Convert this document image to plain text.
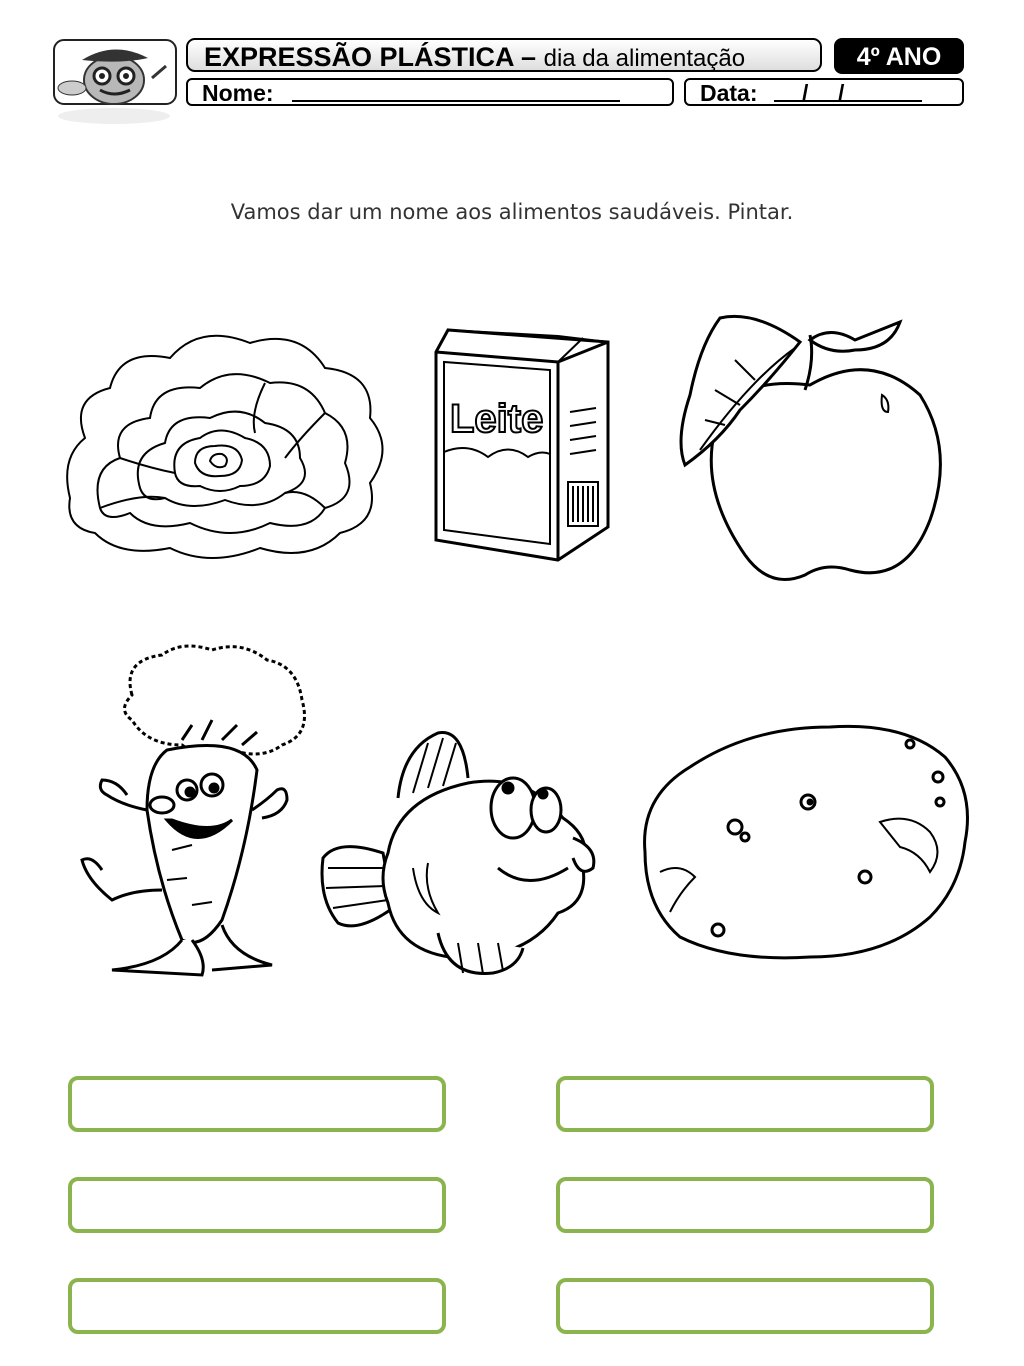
EXPRESSÃO PLÁSTICA – dia da alimentação	4º ANO
Nome:	Data: / /
Vamos dar um nome aos alimentos saudáveis. Pintar.
Leite
